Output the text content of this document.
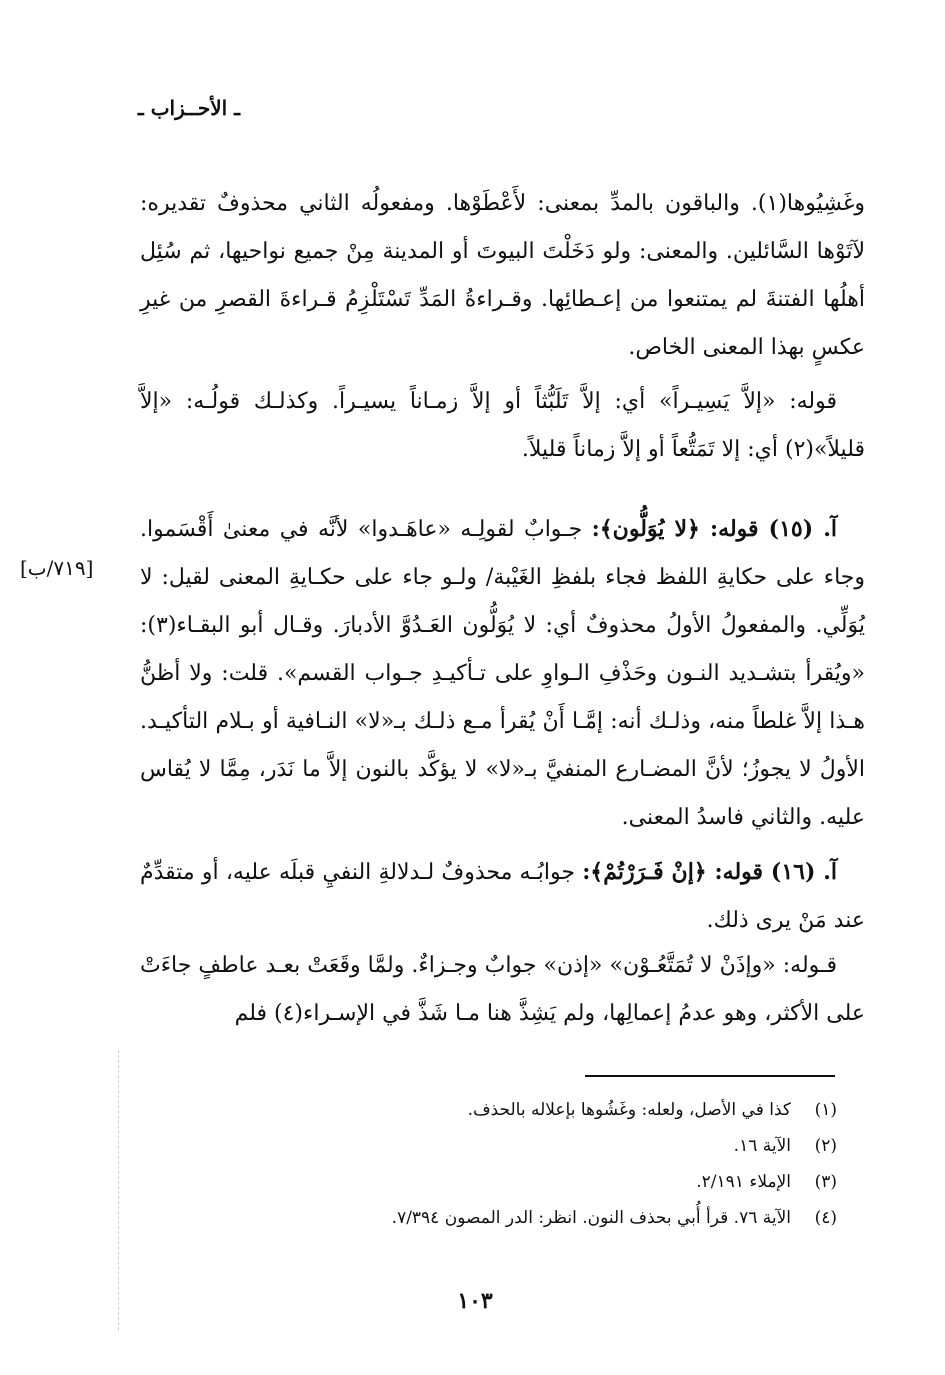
ـ الأحــزاب ـ

وغَشِيُوها(١). والباقون بالمدِّ بمعنى: لأَعْطَوْها. ومفعولُه الثاني محذوفٌ تقديره: لآتَوْها السَّائلين. والمعنى: ولو دَخَلْتَ البيوتَ أو المدينة مِنْ جميع نواحيها، ثم سُئِل أهلُها الفتنةَ لم يمتنعوا من إعـطائِها. وقـراءةُ المَدِّ تَسْتَلْزِمُ قـراءةَ القصرِ من غيرِ عكسٍ بهذا المعنى الخاص.

قوله: «إلاَّ يَسِيـراً» أي: إلاَّ تَلَبُّثاً أو إلاَّ زمـاناً يسيـراً. وكذلـك قولُـه: «إلاَّ قليلاً»(٢) أي: إلا تَمَتُّعاً أو إلاَّ زماناً قليلاً.

آ. (١٥) قوله: ﴿لا يُوَلُّون﴾: جـوابٌ لقولِـه «عاهَـدوا» لأنَّه في معنىٰ أَقْسَموا. وجاء على حكايةِ اللفظ فجاء بلفظِ الغَيْبة/ ولـو جاء على حكـايةِ المعنى لقيل: لا يُوَلِّي. والمفعولُ الأولُ محذوفٌ أي: لا يُوَلُّون العَـدُوَّ الأدبارَ. وقـال أبو البقـاء(٣): «ويُقرأ بتشـديد النـون وحَذْفِ الـواوِ على تـأكيـدِ جـواب القسم». قلت: ولا أظنُّ هـذا إلاَّ غلطاً منه، وذلـك أنه: إمَّـا أَنْ يُقرأ مـع ذلـك بـ«لا» النـافية أو بـلام التأكيـد. الأولُ لا يجوزُ؛ لأنَّ المضـارع المنفيَّ بـ«لا» لا يؤكَّد بالنون إلاَّ ما نَدَر، مِمَّا لا يُقاس عليه. والثاني فاسدُ المعنى.

[٧١٩/ب]

آ. (١٦) قوله: ﴿إنْ فَـرَرْتُمْ﴾: جوابُـه محذوفٌ لـدلالةِ النفيِ قبلَه عليه، أو متقدِّمٌ عند مَنْ يرى ذلك.

قـوله: «وإذَنْ لا تُمَتَّعُـوْن» «إذن» جوابٌ وجـزاءٌ. ولمَّا وقَعَتْ بعـد عاطفٍ جاءَتْ على الأكثر، وهو عدمُ إعمالِها، ولم يَشِذَّ هنا مـا شَذَّ في الإسـراء(٤) فلم

(١)كذا في الأصل، ولعله: وغَشُوها بإعلاله بالحذف.

(٢)الآية ١٦.

(٣)الإملاء ٢/١٩١.

(٤)الآية ٧٦. قرأ أُبي بحذف النون. انظر: الدر المصون ٧/٣٩٤.

١٠٣
